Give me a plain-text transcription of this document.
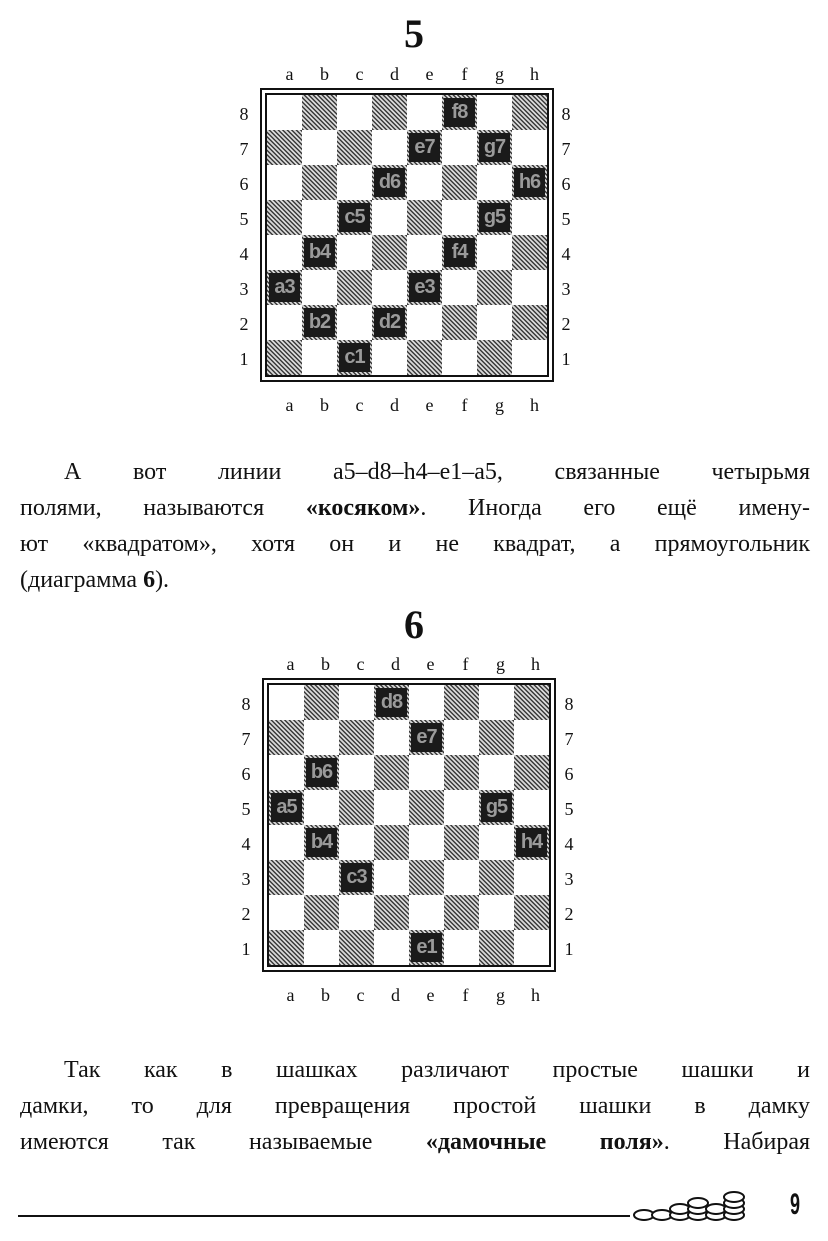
5
a	b	c	d	e	f	g	h
8
7
6
5
4
3
2
1
8
7
6
5
4
3
2
1
f8
e7 g7
d6	h6
c5	g5
b4	f4
a3	e3
b2 d2
c1
a	b	c	d	e	f	g	h
А вот линии a5–d8–h4–e1–a5, связанные четырьмя
полями, называются «косяком». Иногда его ещё имену-
ют «квадратом», хотя он и не квадрат, а прямоугольник
(диаграмма 6).
6
a	b	c	d	e	f	g	h
8
7
6
5
4
3
2
1
8
7
6
5
4
3
2
1
d8
e7
b6
a5	g5
b4	h4
c3
e1
a	b	c	d	e	f	g	h
Так как в шашках различают простые шашки и
дамки, то для превращения простой шашки в дамку
имеются так называемые «дамочные поля». Набирая
9
